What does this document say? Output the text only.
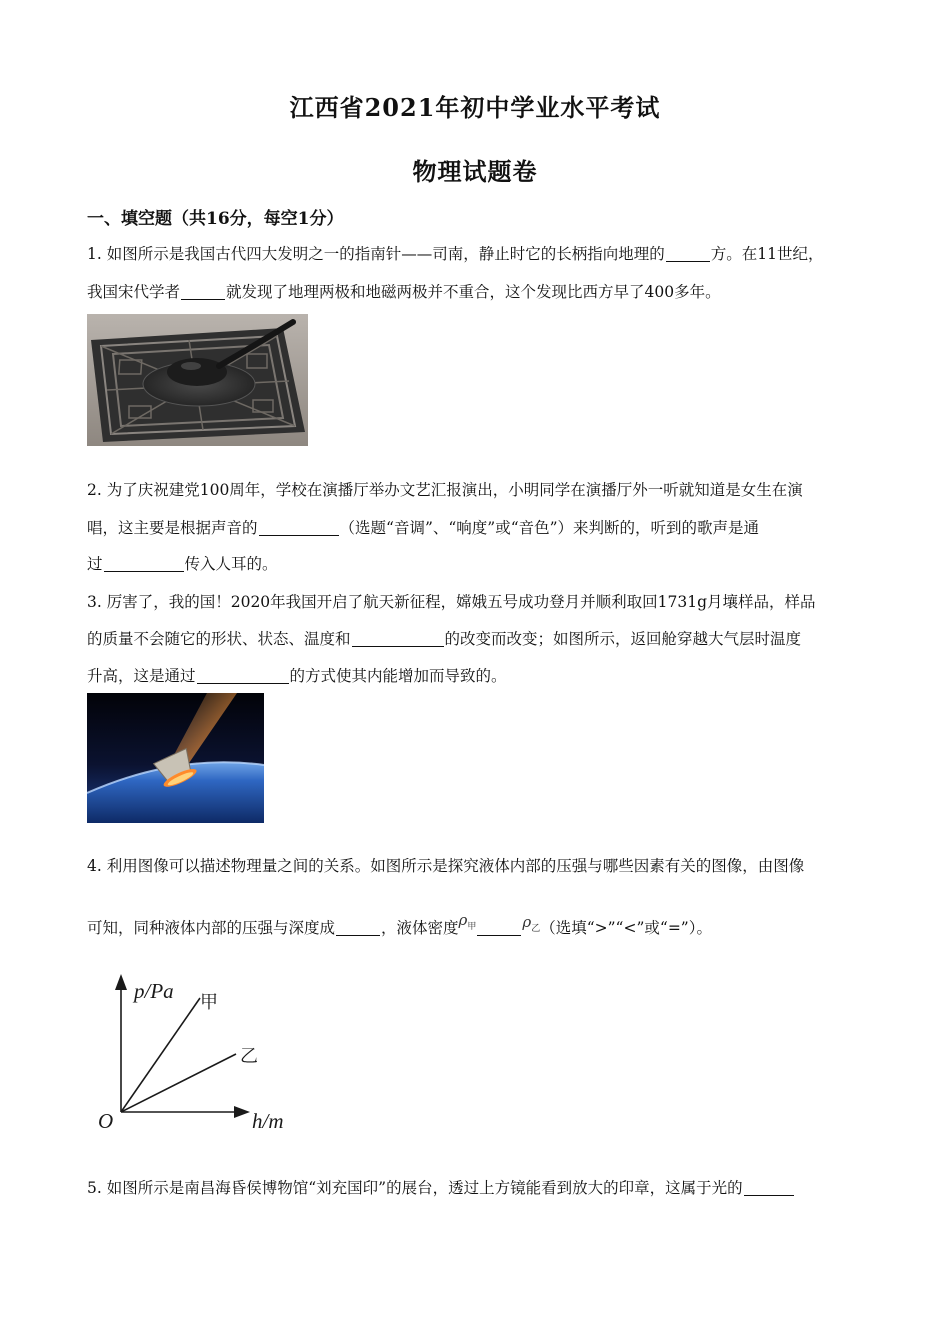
江西省2021年初中学业水平考试
物理试题卷
一、填空题（共16分，每空1分）
1. 如图所示是我国古代四大发明之一的指南针——司南，静止时它的长柄指向地理的	方。在11世纪，
我国宋代学者	就发现了地理两极和地磁两极并不重合，这个发现比西方早了400多年。
2. 为了庆祝建党100周年，学校在演播厅举办文艺汇报演出，小明同学在演播厅外一听就知道是女生在演
唱，这主要是根据声音的	（选题“音调”、“响度”或“音色”）来判断的，听到的歌声是通
过	传入人耳的。
3. 厉害了，我的国！2020年我国开启了航天新征程，嫦娥五号成功登月并顺利取回1731g月壤样品，样品
的质量不会随它的形状、状态、温度和	的改变而改变；如图所示，返回舱穿越大气层时温度
升高，这是通过	的方式使其内能增加而导致的。
4. 利用图像可以描述物理量之间的关系。如图所示是探究液体内部的压强与哪些因素有关的图像，由图像
可知，同种液体内部的压强与深度成	，液体密度$\rho_甲$	$\rho_乙$（选填“>”“<”或“=”）。
p/Pa
h/m
O
甲
乙
5. 如图所示是南昌海昏侯博物馆“刘充国印”的展台，透过上方镜能看到放大的印章，这属于光的
